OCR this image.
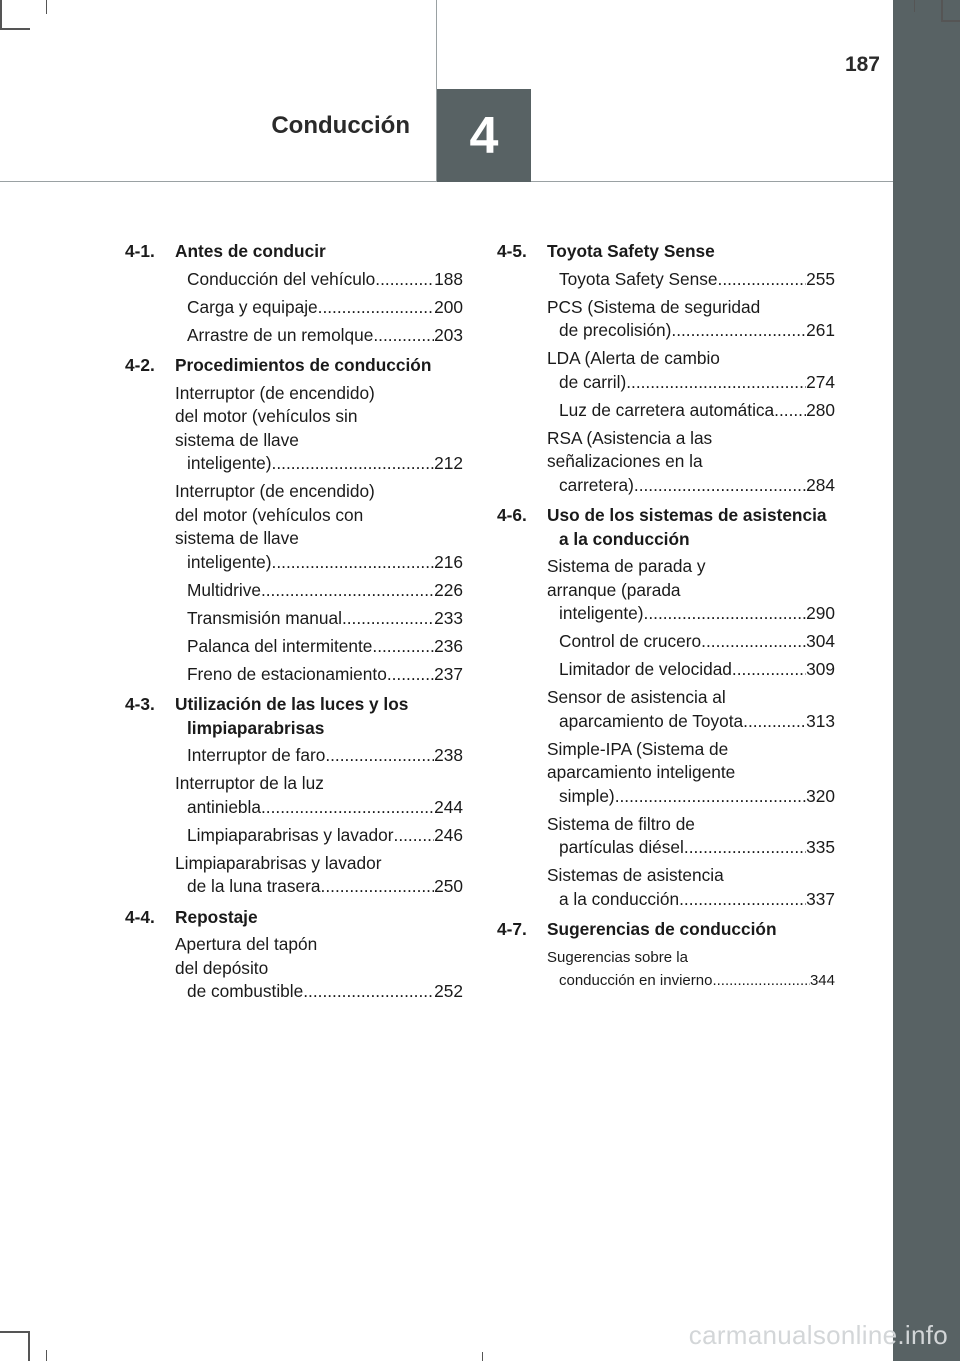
Conducción 4
187
4-1.	Antes de conducir
Conducción del vehículo .....	188
Carga y equipaje .....	200
Arrastre de un remolque .....	203
4-2.	Procedimientos de conducción
Interruptor (de encendido)
del motor (vehículos sin
sistema de llave
inteligente) .....	212
Interruptor (de encendido)
del motor (vehículos con
sistema de llave
inteligente) .....	216
Multidrive .....	226
Transmisión manual .....	233
Palanca del intermitente .....	236
Freno de estacionamiento .....	237
4-3.	Utilización de las luces y los limpiaparabrisas
Interruptor de faro .....	238
Interruptor de la luz
antiniebla .....	244
Limpiaparabrisas y lavador ..... 246
Limpiaparabrisas y lavador
de la luna trasera .....	250
4-4.	Repostaje
Apertura del tapón
del depósito
de combustible .....	252
4-5.	Toyota Safety Sense
Toyota Safety Sense .....	255
PCS (Sistema de seguridad
de precolisión) .....	261
LDA (Alerta de cambio
de carril) .....	274
Luz de carretera automática ..... 280
RSA (Asistencia a las
señalizaciones en la
carretera) .....	284
4-6.	Uso de los sistemas de asistencia a la conducción
Sistema de parada y
arranque (parada
inteligente) .....	290
Control de crucero .....	304
Limitador de velocidad .....	309
Sensor de asistencia al
aparcamiento de Toyota .....	313
Simple-IPA (Sistema de
aparcamiento inteligente
simple) .....	320
Sistema de filtro de
partículas diésel .....	335
Sistemas de asistencia
a la conducción .....	337
4-7.	Sugerencias de conducción
Sugerencias sobre la
conducción en invierno .....	344
carmanualsonline.info
